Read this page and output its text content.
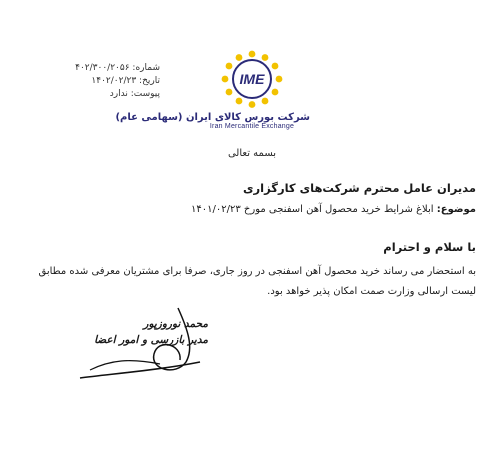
شماره: ۴۰۲/۳۰۰/۲۰۵۶
تاریخ: ۱۴۰۲/۰۲/۲۳
پیوست: ندارد
IME
شرکت بورس کالای ایران (سهامی عام)
Iran Mercantile Exchange
بسمه تعالی
مدیران عامل محترم شرکت‌های کارگزاری
موضوع: ابلاغ شرایط خرید محصول آهن اسفنجی مورخ ۱۴۰۱/۰۲/۲۳
با سلام و احترام
به استحضار می رساند خرید محصول آهن اسفنجی در روز جاری، صرفا برای مشتریان معرفی شده مطابق لیست ارسالی وزارت صمت امکان پذیر خواهد بود.
محمد نوروزپور
مدیر بازرسی و امور اعضا
